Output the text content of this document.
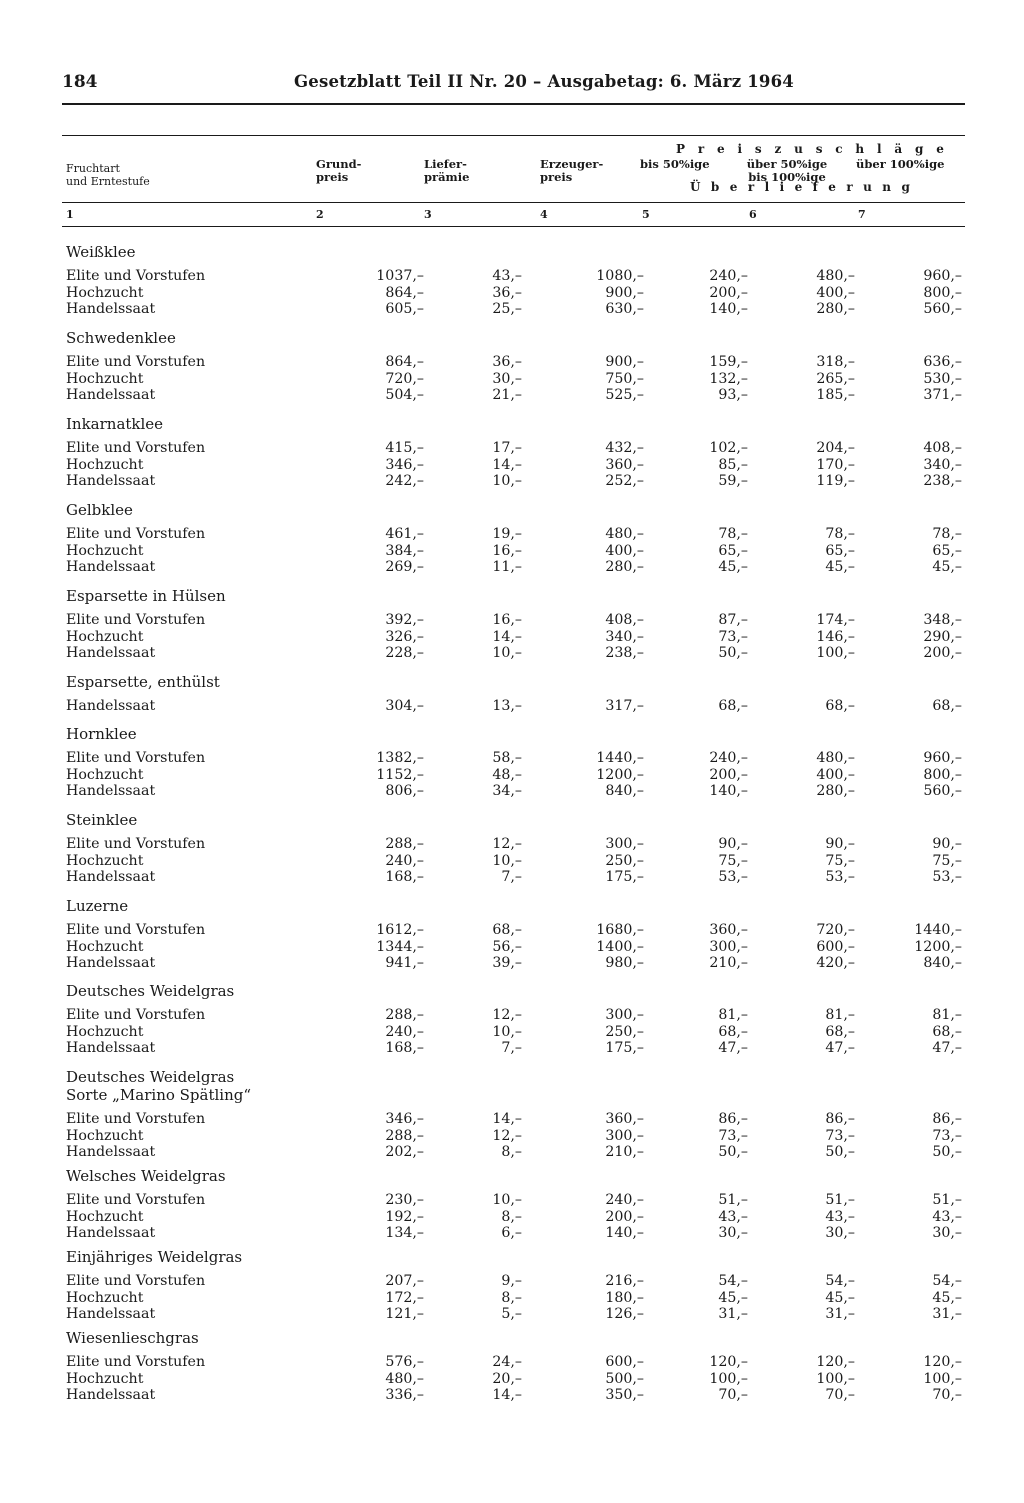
184	Gesetzblatt Teil II Nr. 20 – Ausgabetag: 6. März 1964
Fruchtart
und Erntestufe
Grund-
preis
Liefer-
prämie
Erzeuger-
preis
P r e i s z u s c h l ä g e
bis 50%ige	über 50%ige
bis 100%ige
über 100%ige
Ü b e r l i e f e r u n g
1	2	3	4	5	6	7
Weißklee
Elite und Vorstufen	1037,–	43,–	1080,–	240,–	480,–	960,–
Hochzucht	864,–	36,–	900,–	200,–	400,–	800,–
Handelssaat	605,–	25,–	630,–	140,–	280,–	560,–
Schwedenklee
Elite und Vorstufen	864,–	36,–	900,–	159,–	318,–	636,–
Hochzucht	720,–	30,–	750,–	132,–	265,–	530,–
Handelssaat	504,–	21,–	525,–	93,–	185,–	371,–
Inkarnatklee
Elite und Vorstufen	415,–	17,–	432,–	102,–	204,–	408,–
Hochzucht	346,–	14,–	360,–	85,–	170,–	340,–
Handelssaat	242,–	10,–	252,–	59,–	119,–	238,–
Gelbklee
Elite und Vorstufen	461,–	19,–	480,–	78,–	78,–	78,–
Hochzucht	384,–	16,–	400,–	65,–	65,–	65,–
Handelssaat	269,–	11,–	280,–	45,–	45,–	45,–
Esparsette in Hülsen
Elite und Vorstufen	392,–	16,–	408,–	87,–	174,–	348,–
Hochzucht	326,–	14,–	340,–	73,–	146,–	290,–
Handelssaat	228,–	10,–	238,–	50,–	100,–	200,–
Esparsette, enthülst
Handelssaat	304,–	13,–	317,–	68,–	68,–	68,–
Hornklee
Elite und Vorstufen	1382,–	58,–	1440,–	240,–	480,–	960,–
Hochzucht	1152,–	48,–	1200,–	200,–	400,–	800,–
Handelssaat	806,–	34,–	840,–	140,–	280,–	560,–
Steinklee
Elite und Vorstufen	288,–	12,–	300,–	90,–	90,–	90,–
Hochzucht	240,–	10,–	250,–	75,–	75,–	75,–
Handelssaat	168,–	7,–	175,–	53,–	53,–	53,–
Luzerne
Elite und Vorstufen	1612,–	68,–	1680,–	360,–	720,–	1440,–
Hochzucht	1344,–	56,–	1400,–	300,–	600,–	1200,–
Handelssaat	941,–	39,–	980,–	210,–	420,–	840,–
Deutsches Weidelgras
Elite und Vorstufen	288,–	12,–	300,–	81,–	81,–	81,–
Hochzucht	240,–	10,–	250,–	68,–	68,–	68,–
Handelssaat	168,–	7,–	175,–	47,–	47,–	47,–
Deutsches Weidelgras
Sorte „Marino Spätling“
Elite und Vorstufen	346,–	14,–	360,–	86,–	86,–	86,–
Hochzucht	288,–	12,–	300,–	73,–	73,–	73,–
Handelssaat	202,–	8,–	210,–	50,–	50,–	50,–
Welsches Weidelgras
Elite und Vorstufen	230,–	10,–	240,–	51,–	51,–	51,–
Hochzucht	192,–	8,–	200,–	43,–	43,–	43,–
Handelssaat	134,–	6,–	140,–	30,–	30,–	30,–
Einjähriges Weidelgras
Elite und Vorstufen	207,–	9,–	216,–	54,–	54,–	54,–
Hochzucht	172,–	8,–	180,–	45,–	45,–	45,–
Handelssaat	121,–	5,–	126,–	31,–	31,–	31,–
Wiesenlieschgras
Elite und Vorstufen	576,–	24,–	600,–	120,–	120,–	120,–
Hochzucht	480,–	20,–	500,–	100,–	100,–	100,–
Handelssaat	336,–	14,–	350,–	70,–	70,–	70,–
